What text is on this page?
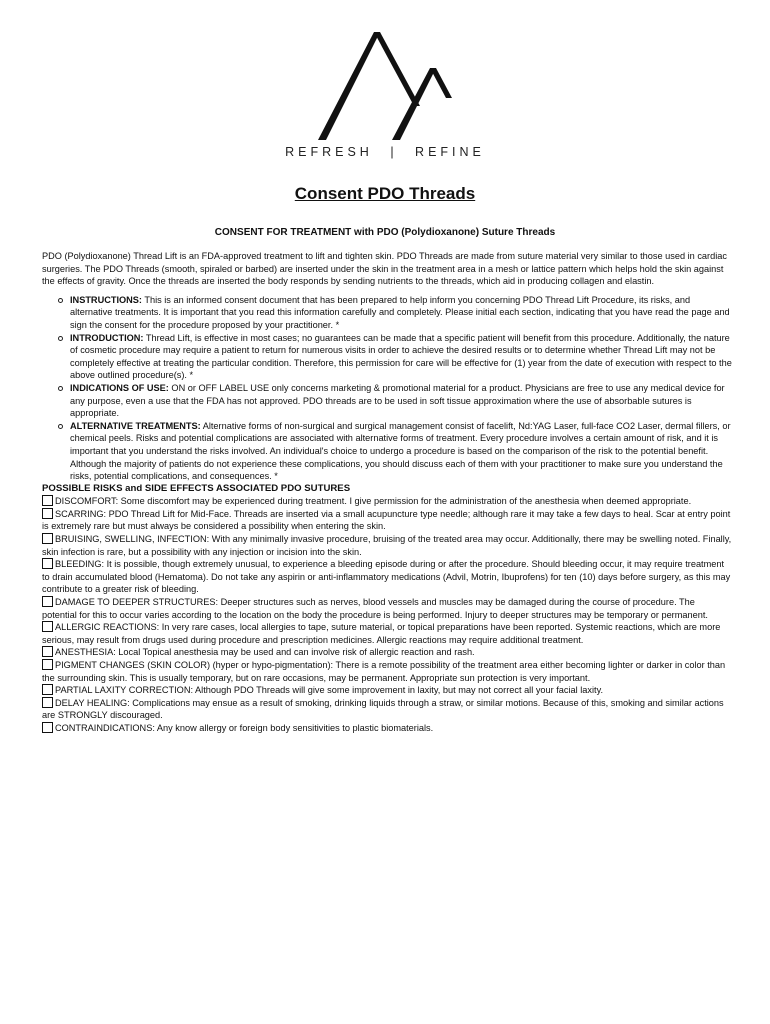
REFRESH | REFINE
Consent PDO Threads
CONSENT FOR TREATMENT with PDO (Polydioxanone) Suture Threads

PDO (Polydioxanone) Thread Lift is an FDA-approved treatment to lift and tighten skin. PDO Threads are made from suture material very similar to those used in cardiac surgeries. The PDO Threads (smooth, spiraled or barbed) are inserted under the skin in the treatment area in a mesh or lattice pattern which helps hold the skin against the effects of gravity. Once the threads are inserted the body responds by sending nutrients to the threads, which aid in producing collagen and elastin.

INSTRUCTIONS: This is an informed consent document that has been prepared to help inform you concerning PDO Thread Lift Procedure, its risks, and alternative treatments. It is important that you read this information carefully and completely. Please initial each section, indicating that you have read the page and sign the consent for the procedure proposed by your practitioner. *
INTRODUCTION: Thread Lift, is effective in most cases; no guarantees can be made that a specific patient will benefit from this procedure. Additionally, the nature of cosmetic procedure may require a patient to return for numerous visits in order to achieve the desired results or to determine whether Thread Lift may not be completely effective at treating the particular condition. Therefore, this permission for care will be effective for (1) year from the date of execution with respect to the above outlined procedure(s). *
INDICATIONS OF USE: ON or OFF LABEL USE only concerns marketing & promotional material for a product. Physicians are free to use any medical device for any purpose, even a use that the FDA has not approved. PDO threads are to be used in soft tissue approximation where the use of absorbable sutures is appropriate.
ALTERNATIVE TREATMENTS: Alternative forms of non-surgical and surgical management consist of facelift, Nd:YAG Laser, full-face CO2 Laser, dermal fillers, or chemical peels. Risks and potential complications are associated with alternative forms of treatment. Every procedure involves a certain amount of risk, and it is important that you understand the risks involved. An individual's choice to undergo a procedure is based on the comparison of the risk to the potential benefit. Although the majority of patients do not experience these complications, you should discuss each of them with your practitioner to make sure you understand the risks, potential complications, and consequences. *

POSSIBLE RISKS and SIDE EFFECTS ASSOCIATED PDO SUTURES

DISCOMFORT: Some discomfort may be experienced during treatment. I give permission for the administration of the anesthesia when deemed appropriate.

SCARRING: PDO Thread Lift for Mid-Face. Threads are inserted via a small acupuncture type needle; although rare it may take a few days to heal. Scar at entry point is extremely rare but must always be considered a possibility when entering the skin.

BRUISING, SWELLING, INFECTION: With any minimally invasive procedure, bruising of the treated area may occur. Additionally, there may be swelling noted. Finally, skin infection is rare, but a possibility with any injection or incision into the skin.

BLEEDING: It is possible, though extremely unusual, to experience a bleeding episode during or after the procedure. Should bleeding occur, it may require treatment to drain accumulated blood (Hematoma). Do not take any aspirin or anti-inflammatory medications (Advil, Motrin, Ibuprofens) for ten (10) days before surgery, as this may contribute to a greater risk of bleeding.

DAMAGE TO DEEPER STRUCTURES: Deeper structures such as nerves, blood vessels and muscles may be damaged during the course of procedure. The potential for this to occur varies according to the location on the body the procedure is being performed. Injury to deeper structures may be temporary or permanent.

ALLERGIC REACTIONS: In very rare cases, local allergies to tape, suture material, or topical preparations have been reported. Systemic reactions, which are more serious, may result from drugs used during procedure and prescription medicines. Allergic reactions may require additional treatment.

ANESTHESIA: Local Topical anesthesia may be used and can involve risk of allergic reaction and rash.

PIGMENT CHANGES (SKIN COLOR) (hyper or hypo-pigmentation): There is a remote possibility of the treatment area either becoming lighter or darker in color than the surrounding skin. This is usually temporary, but on rare occasions, may be permanent. Appropriate sun protection is very important.

PARTIAL LAXITY CORRECTION: Although PDO Threads will give some improvement in laxity, but may not correct all your facial laxity.

DELAY HEALING: Complications may ensue as a result of smoking, drinking liquids through a straw, or similar motions. Because of this, smoking and similar actions are STRONGLY discouraged.

CONTRAINDICATIONS: Any know allergy or foreign body sensitivities to plastic biomaterials.
